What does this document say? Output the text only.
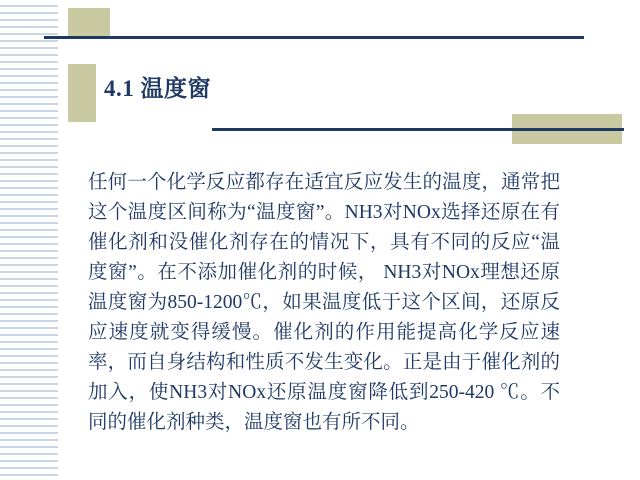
4.1 温度窗

任何一个化学反应都存在适宜反应发生的温度，通常把这个温度区间称为“温度窗”。NH3对NOx选择还原在有催化剂和没催化剂存在的情况下，具有不同的反应“温度窗”。在不添加催化剂的时候， NH3对NOx理想还原温度窗为850-1200℃，如果温度低于这个区间，还原反应速度就变得缓慢。催化剂的作用能提高化学反应速率，而自身结构和性质不发生变化。正是由于催化剂的加入，使NH3对NOx还原温度窗降低到250-420 ℃。不同的催化剂种类，温度窗也有所不同。
